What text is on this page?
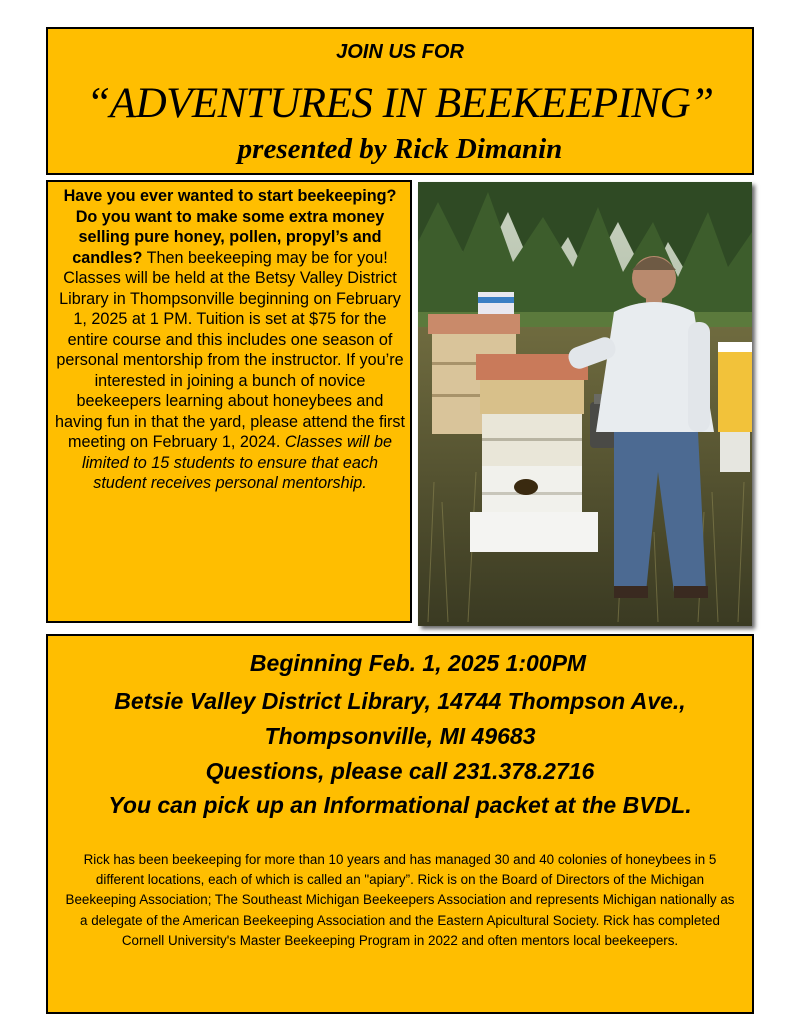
JOIN US FOR
“ADVENTURES IN BEEKEEPING”
presented by Rick Dimanin
Have you ever wanted to start beekeeping? Do you want to make some extra money selling pure honey, pollen, propyl’s and candles? Then beekeeping may be for you! Classes will be held at the Betsy Valley District Library in Thompsonville beginning on February 1, 2025 at 1 PM. Tuition is set at $75 for the entire course and this includes one season of personal mentorship from the instructor. If you’re interested in joining a bunch of novice beekeepers learning about honeybees and having fun in that the yard, please attend the first meeting on February 1, 2024. Classes will be limited to 15 students to ensure that each student receives personal mentorship.
Beginning Feb. 1, 2025 1:00PM
Betsie Valley District Library, 14744 Thompson Ave.,
Thompsonville, MI 49683
Questions, please call 231.378.2716
You can pick up an Informational packet at the BVDL.
Rick has been beekeeping for more than 10 years and has managed 30 and 40 colonies of honeybees in 5 different locations, each of which is called an "apiary”. Rick is on the Board of Directors of the Michigan Beekeeping Association; The Southeast Michigan Beekeepers Association and represents Michigan nationally as a delegate of the American Beekeeping Association and the Eastern Apicultural Society. Rick has completed Cornell University's Master Beekeeping Program in 2022 and often mentors local beekeepers.
